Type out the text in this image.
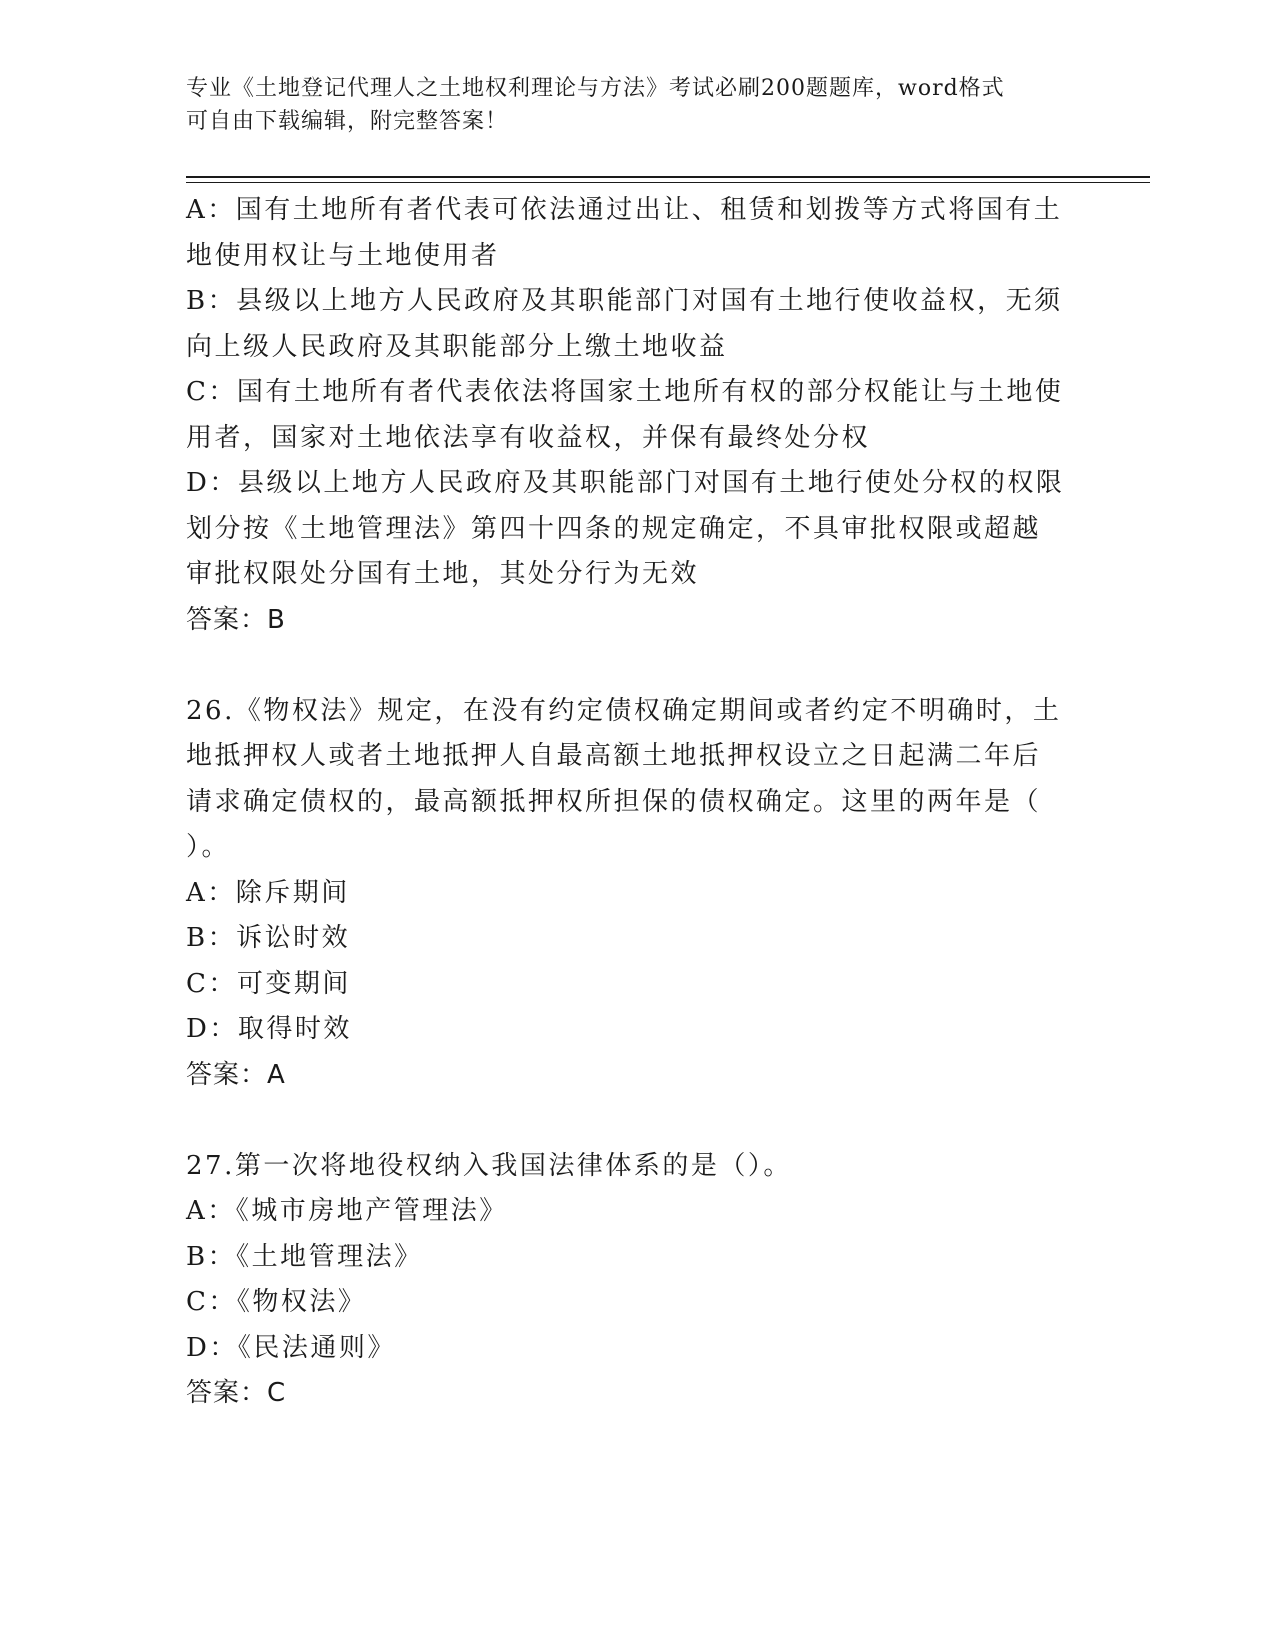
专业《土地登记代理人之土地权利理论与方法》考试必刷200题题库，word格式
可自由下载编辑，附完整答案！
A：国有土地所有者代表可依法通过出让、租赁和划拨等方式将国有土
地使用权让与土地使用者
B：县级以上地方人民政府及其职能部门对国有土地行使收益权，无须
向上级人民政府及其职能部分上缴土地收益
C：国有土地所有者代表依法将国家土地所有权的部分权能让与土地使
用者，国家对土地依法享有收益权，并保有最终处分权
D：县级以上地方人民政府及其职能部门对国有土地行使处分权的权限
划分按《土地管理法》第四十四条的规定确定，不具审批权限或超越
审批权限处分国有土地，其处分行为无效
答案：B
26.《物权法》规定，在没有约定债权确定期间或者约定不明确时，土
地抵押权人或者土地抵押人自最高额土地抵押权设立之日起满二年后
请求确定债权的，最高额抵押权所担保的债权确定。这里的两年是（
）。
A：除斥期间
B：诉讼时效
C：可变期间
D：取得时效
答案：A
27.第一次将地役权纳入我国法律体系的是（）。
A：《城市房地产管理法》
B：《土地管理法》
C：《物权法》
D：《民法通则》
答案：C
